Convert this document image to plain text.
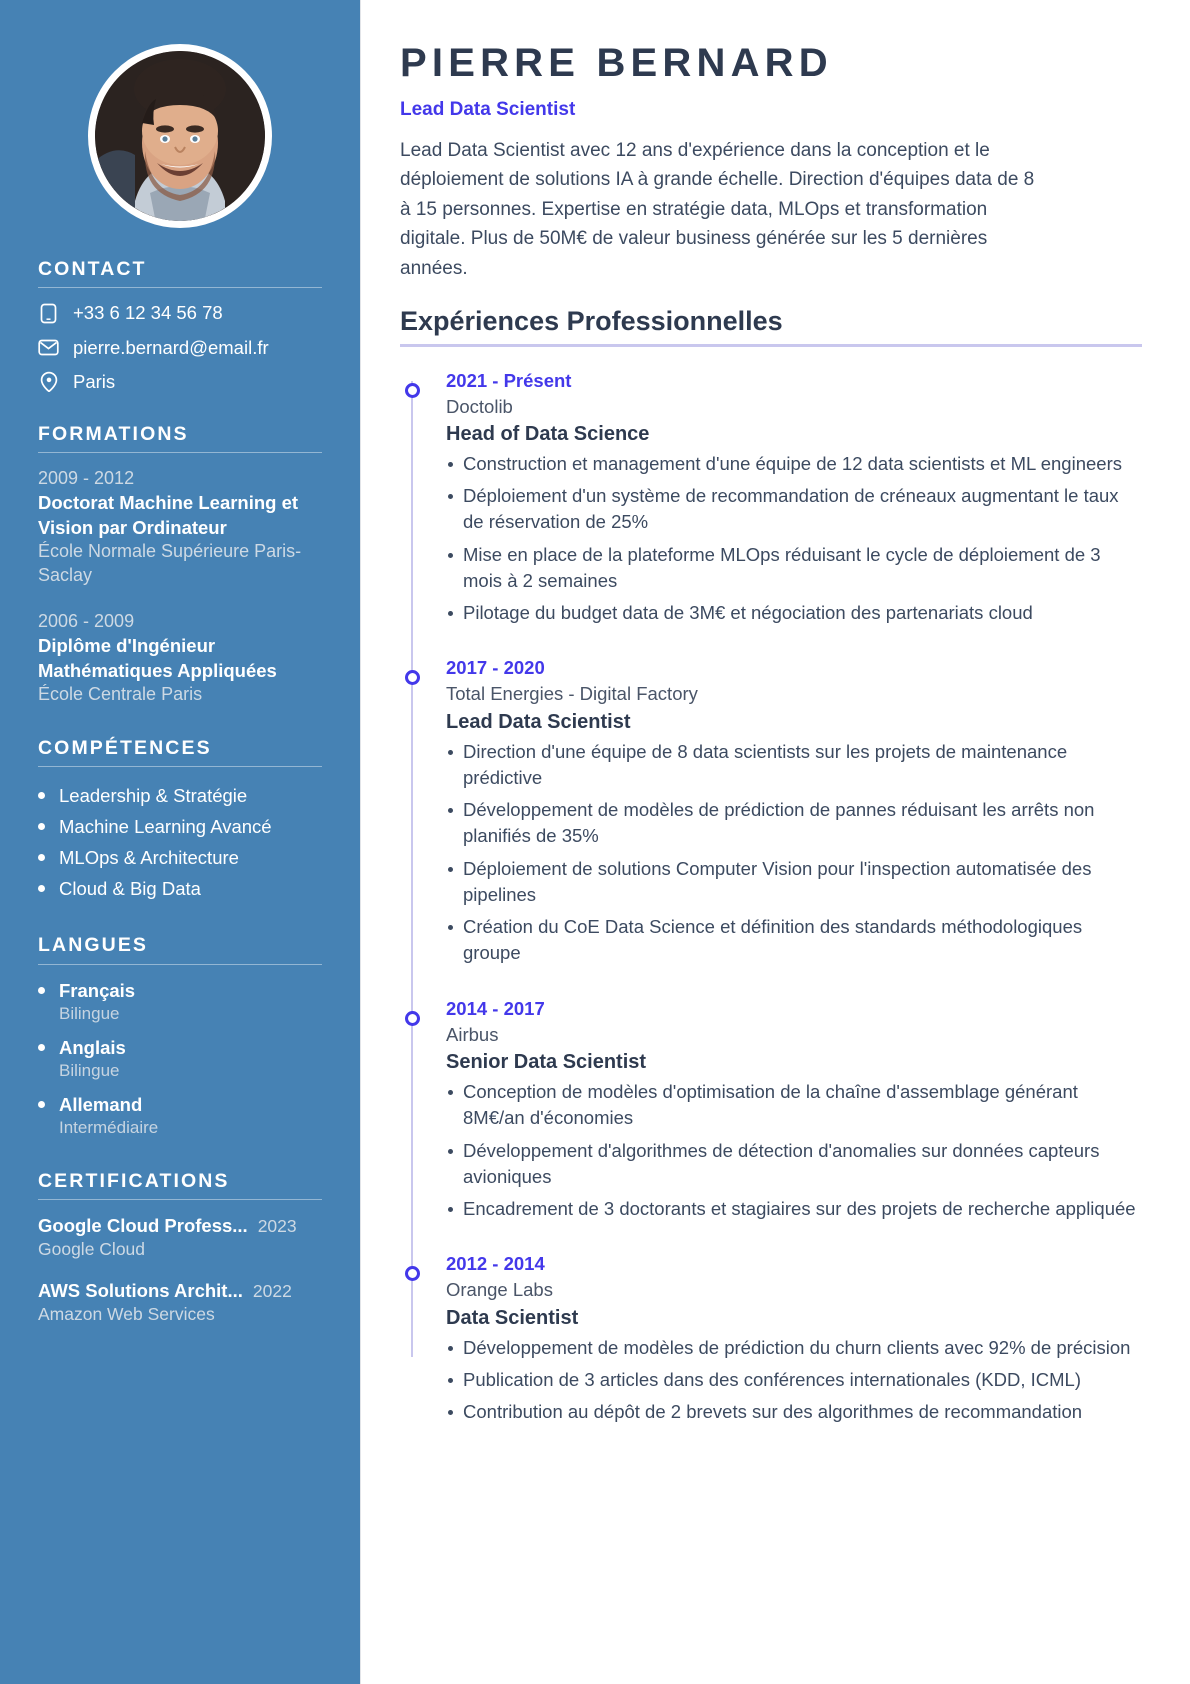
CONTACT
+33 6 12 34 56 78
pierre.bernard@email.fr
Paris
FORMATIONS
2009 - 2012
Doctorat Machine Learning et Vision par Ordinateur
École Normale Supérieure Paris-Saclay
2006 - 2009
Diplôme d'Ingénieur Mathématiques Appliquées
École Centrale Paris
COMPÉTENCES
Leadership & Stratégie
Machine Learning Avancé
MLOps & Architecture
Cloud & Big Data
LANGUES
Français
Bilingue
Anglais
Bilingue
Allemand
Intermédiaire
CERTIFICATIONS
Google Cloud Profess... 2023
Google Cloud
AWS Solutions Archit... 2022
Amazon Web Services
PIERRE BERNARD
Lead Data Scientist

Lead Data Scientist avec 12 ans d'expérience dans la conception et le déploiement de solutions IA à grande échelle. Direction d'équipes data de 8 à 15 personnes. Expertise en stratégie data, MLOps et transformation digitale. Plus de 50M€ de valeur business générée sur les 5 dernières années.

Expériences Professionnelles
2021 - Présent
Doctolib
Head of Data Science
Construction et management d'une équipe de 12 data scientists et ML engineers
Déploiement d'un système de recommandation de créneaux augmentant le taux de réservation de 25%
Mise en place de la plateforme MLOps réduisant le cycle de déploiement de 3 mois à 2 semaines
Pilotage du budget data de 3M€ et négociation des partenariats cloud
2017 - 2020
Total Energies - Digital Factory
Lead Data Scientist
Direction d'une équipe de 8 data scientists sur les projets de maintenance prédictive
Développement de modèles de prédiction de pannes réduisant les arrêts non planifiés de 35%
Déploiement de solutions Computer Vision pour l'inspection automatisée des pipelines
Création du CoE Data Science et définition des standards méthodologiques groupe
2014 - 2017
Airbus
Senior Data Scientist
Conception de modèles d'optimisation de la chaîne d'assemblage générant 8M€/an d'économies
Développement d'algorithmes de détection d'anomalies sur données capteurs avioniques
Encadrement de 3 doctorants et stagiaires sur des projets de recherche appliquée
2012 - 2014
Orange Labs
Data Scientist
Développement de modèles de prédiction du churn clients avec 92% de précision
Publication de 3 articles dans des conférences internationales (KDD, ICML)
Contribution au dépôt de 2 brevets sur des algorithmes de recommandation
